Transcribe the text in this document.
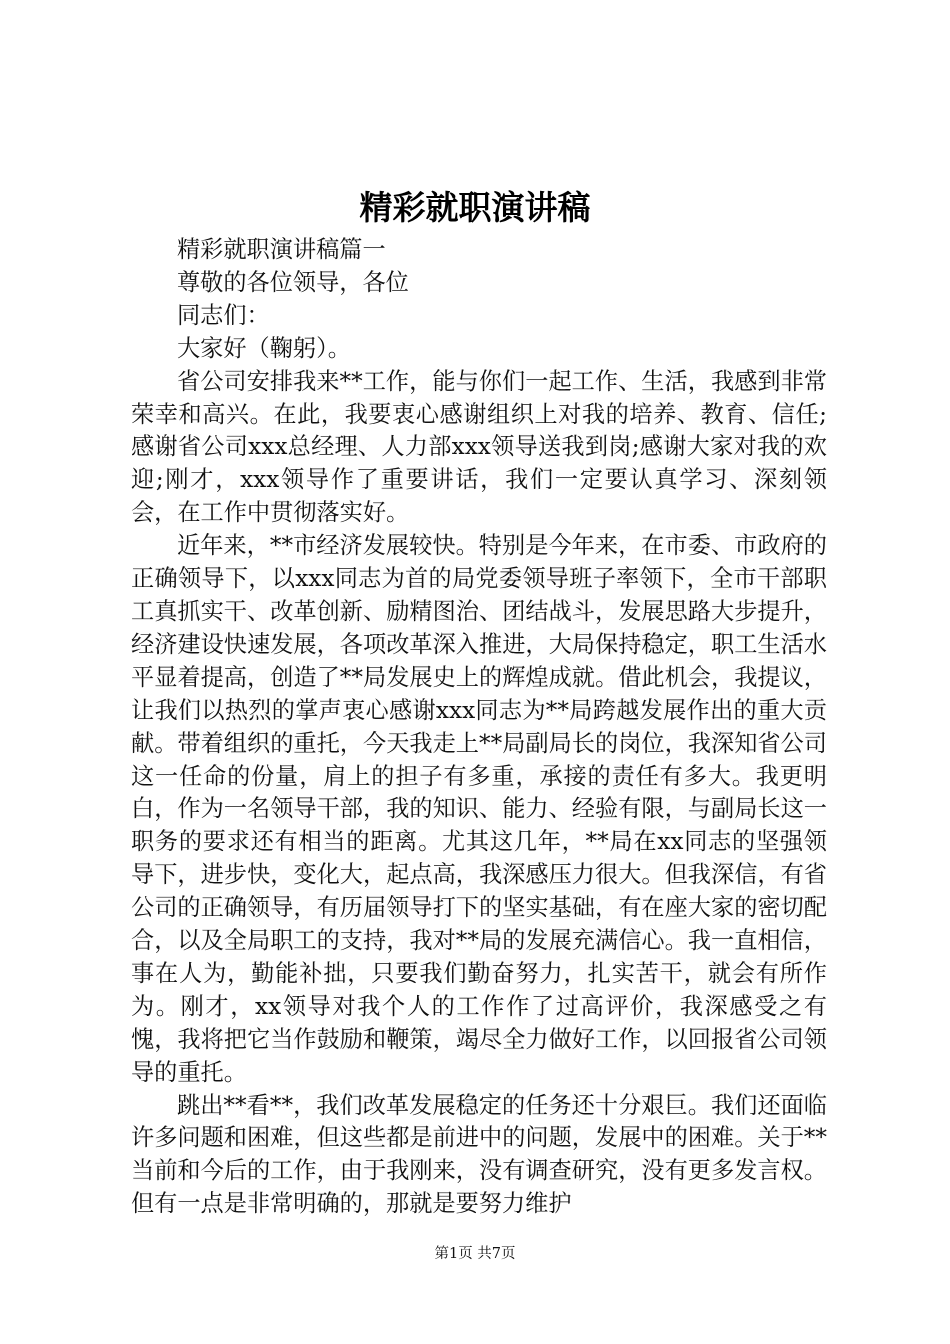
精彩就职演讲稿

精彩就职演讲稿篇一

尊敬的各位领导，各位

同志们：

大家好（鞠躬）。

省公司安排我来**工作，能与你们一起工作、生活，我感到非常荣幸和高兴。在此，我要衷心感谢组织上对我的培养、教育、信任;感谢省公司xxx总经理、人力部xxx领导送我到岗;感谢大家对我的欢迎;刚才，xxx领导作了重要讲话，我们一定要认真学习、深刻领会，在工作中贯彻落实好。

近年来，**市经济发展较快。特别是今年来，在市委、市政府的正确领导下，以xxx同志为首的局党委领导班子率领下，全市干部职工真抓实干、改革创新、励精图治、团结战斗，发展思路大步提升，经济建设快速发展，各项改革深入推进，大局保持稳定，职工生活水平显着提高，创造了**局发展史上的辉煌成就。借此机会，我提议，让我们以热烈的掌声衷心感谢xxx同志为**局跨越发展作出的重大贡献。带着组织的重托，今天我走上**局副局长的岗位，我深知省公司这一任命的份量，肩上的担子有多重，承接的责任有多大。我更明白，作为一名领导干部，我的知识、能力、经验有限，与副局长这一职务的要求还有相当的距离。尤其这几年，**局在xx同志的坚强领导下，进步快，变化大，起点高，我深感压力很大。但我深信，有省公司的正确领导，有历届领导打下的坚实基础，有在座大家的密切配合，以及全局职工的支持，我对**局的发展充满信心。我一直相信，事在人为，勤能补拙，只要我们勤奋努力，扎实苦干，就会有所作为。刚才，xx领导对我个人的工作作了过高评价，我深感受之有愧，我将把它当作鼓励和鞭策，竭尽全力做好工作，以回报省公司领导的重托。

跳出**看**，我们改革发展稳定的任务还十分艰巨。我们还面临许多问题和困难，但这些都是前进中的问题，发展中的困难。关于**当前和今后的工作，由于我刚来，没有调查研究，没有更多发言权。但有一点是非常明确的，那就是要努力维护

第1页 共7页
